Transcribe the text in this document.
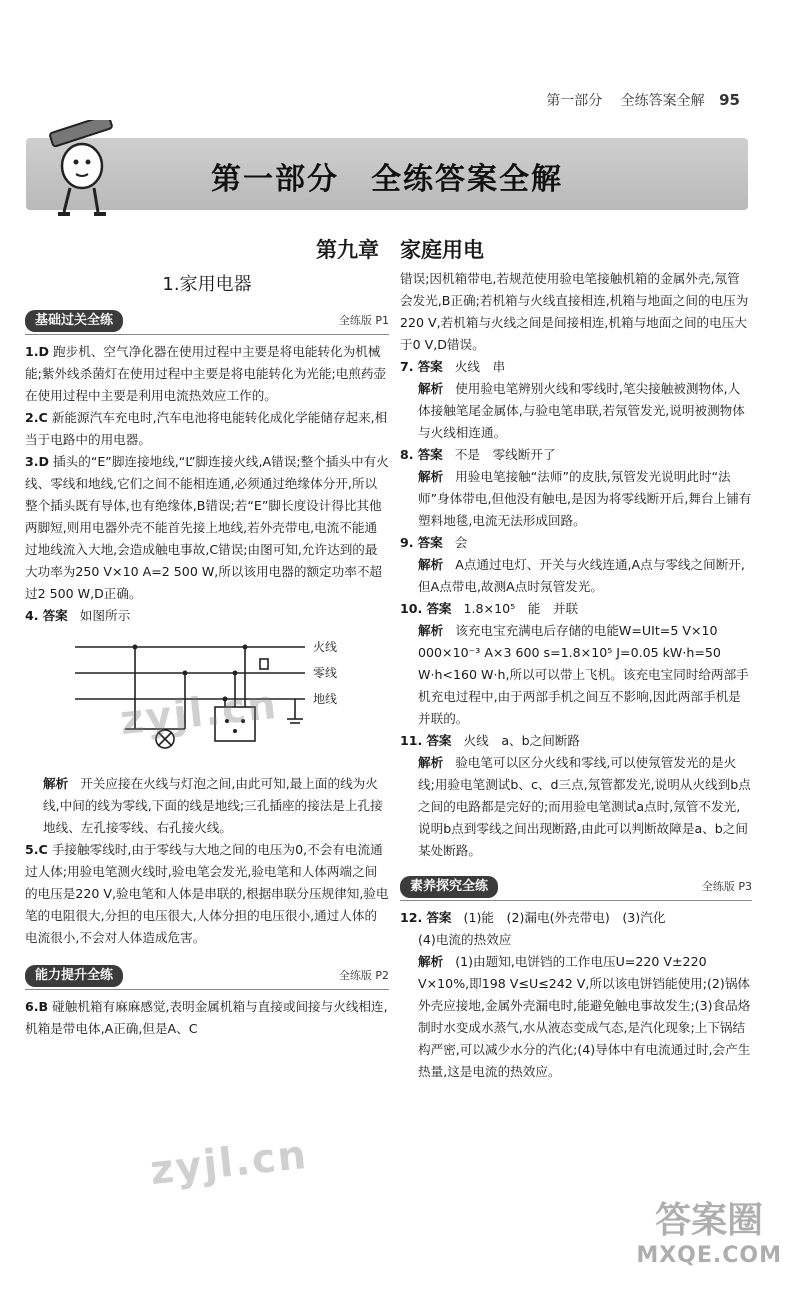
第一部分 全练答案全解 95
第一部分　全练答案全解
第九章　家庭用电
1.家用电器
基础过关全练	全练版 P1

1.D 跑步机、空气净化器在使用过程中主要是将电能转化为机械能;紫外线杀菌灯在使用过程中主要是将电能转化为光能;电煎药壶在使用过程中主要是利用电流热效应工作的。

2.C 新能源汽车充电时,汽车电池将电能转化成化学能储存起来,相当于电路中的用电器。

3.D 插头的“E”脚连接地线,“L”脚连接火线,A错误;整个插头中有火线、零线和地线,它们之间不能相连通,必须通过绝缘体分开,所以整个插头既有导体,也有绝缘体,B错误;若“E”脚长度设计得比其他两脚短,则用电器外壳不能首先接上地线,若外壳带电,电流不能通过地线流入大地,会造成触电事故,C错误;由图可知,允许达到的最大功率为250 V×10 A=2 500 W,所以该用电器的额定功率不超过2 500 W,D正确。

4. 答案 如图所示

火线
零线
地线

解析 开关应接在火线与灯泡之间,由此可知,最上面的线为火线,中间的线为零线,下面的线是地线;三孔插座的接法是上孔接地线、左孔接零线、右孔接火线。

5.C 手接触零线时,由于零线与大地之间的电压为0,不会有电流通过人体;用验电笔测火线时,验电笔会发光,验电笔和人体两端之间的电压是220 V,验电笔和人体是串联的,根据串联分压规律知,验电笔的电阻很大,分担的电压很大,人体分担的电压很小,通过人体的电流很小,不会对人体造成危害。

能力提升全练	全练版 P2

6.B 碰触机箱有麻麻感觉,表明金属机箱与直接或间接与火线相连,机箱是带电体,A正确,但是A、C

错误;因机箱带电,若规范使用验电笔接触机箱的金属外壳,氖管会发光,B正确;若机箱与火线直接相连,机箱与地面之间的电压为220 V,若机箱与火线之间是间接相连,机箱与地面之间的电压大于0 V,D错误。

7. 答案 火线　串

解析 使用验电笔辨别火线和零线时,笔尖接触被测物体,人体接触笔尾金属体,与验电笔串联,若氖管发光,说明被测物体与火线相连通。

8. 答案 不是　零线断开了

解析 用验电笔接触“法师”的皮肤,氖管发光说明此时“法师”身体带电,但他没有触电,是因为将零线断开后,舞台上铺有塑料地毯,电流无法形成回路。

9. 答案 会

解析 A点通过电灯、开关与火线连通,A点与零线之间断开,但A点带电,故测A点时氖管发光。

10. 答案 1.8×10⁵　能　并联

解析 该充电宝充满电后存储的电能W=UIt=5 V×10 000×10⁻³ A×3 600 s=1.8×10⁵ J=0.05 kW·h=50 W·h<160 W·h,所以可以带上飞机。该充电宝同时给两部手机充电过程中,由于两部手机之间互不影响,因此两部手机是并联的。

11. 答案 火线　a、b之间断路

解析 验电笔可以区分火线和零线,可以使氖管发光的是火线;用验电笔测试b、c、d三点,氖管都发光,说明从火线到b点之间的电路都是完好的;而用验电笔测试a点时,氖管不发光,说明b点到零线之间出现断路,由此可以判断故障是a、b之间某处断路。

素养探究全练	全练版 P3

12. 答案 (1)能　(2)漏电(外壳带电)　(3)汽化

(4)电流的热效应

解析 (1)由题知,电饼铛的工作电压U=220 V±220 V×10%,即198 V≤U≤242 V,所以该电饼铛能使用;(2)锅体外壳应接地,金属外壳漏电时,能避免触电事故发生;(3)食品烙制时水变成水蒸气,水从液态变成气态,是汽化现象;上下锅结构严密,可以减少水分的汽化;(4)导体中有电流通过时,会产生热量,这是电流的热效应。

zyjl.cn
zyjl.cn
答案圈
MXQE.COM
